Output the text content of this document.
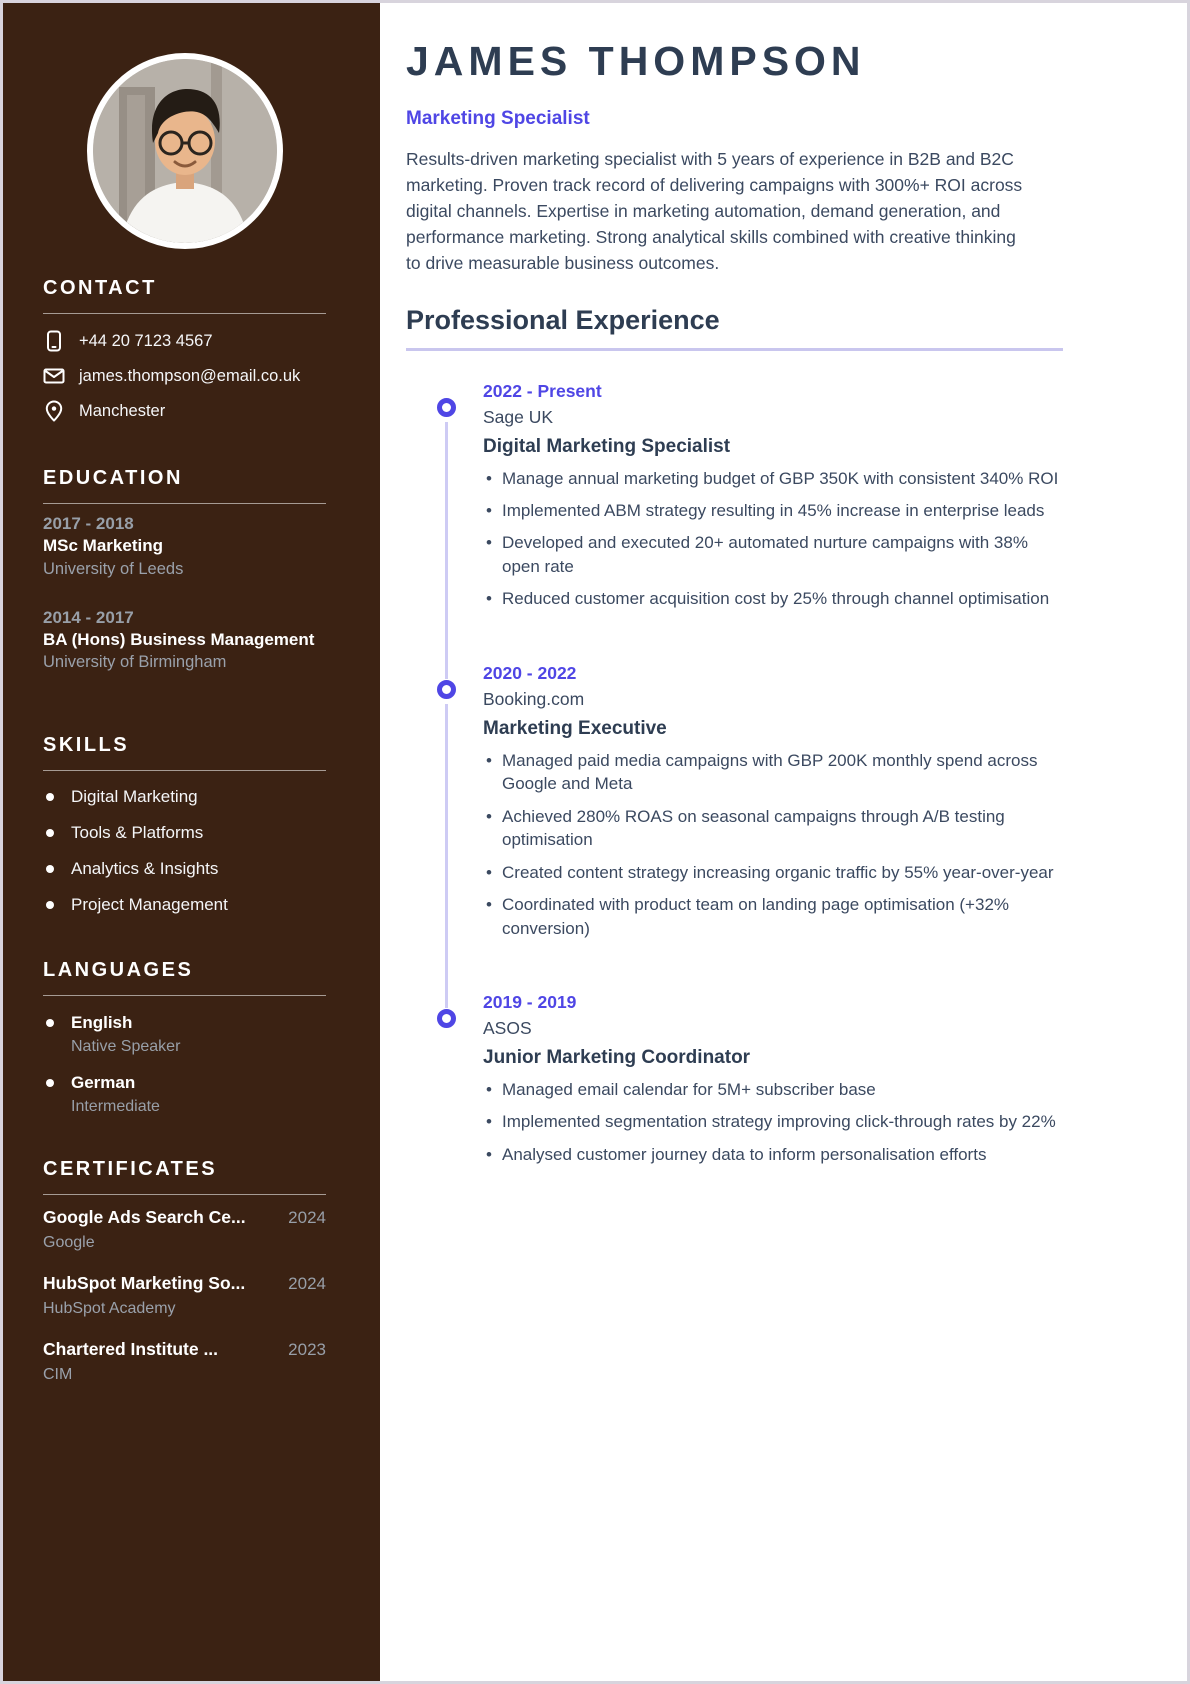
CONTACT
+44 20 7123 4567
james.thompson@email.co.uk
Manchester
EDUCATION
2017 - 2018
MSc Marketing
University of Leeds
2014 - 2017
BA (Hons) Business Management
University of Birmingham
SKILLS
Digital Marketing
Tools & Platforms
Analytics & Insights
Project Management
LANGUAGES
English
Native Speaker
German
Intermediate
CERTIFICATES
Google Ads Search Ce...	2024
Google
HubSpot Marketing So...	2024
HubSpot Academy
Chartered Institute ...	2023
CIM
JAMES THOMPSON
Marketing Specialist

Results-driven marketing specialist with 5 years of experience in B2B and B2C marketing. Proven track record of delivering campaigns with 300%+ ROI across digital channels. Expertise in marketing automation, demand generation, and performance marketing. Strong analytical skills combined with creative thinking to drive measurable business outcomes.

Professional Experience
2022 - Present
Sage UK
Digital Marketing Specialist
• Manage annual marketing budget of GBP 350K with consistent 340% ROI
• Implemented ABM strategy resulting in 45% increase in enterprise leads
• Developed and executed 20+ automated nurture campaigns with 38% open rate
• Reduced customer acquisition cost by 25% through channel optimisation
2020 - 2022
Booking.com
Marketing Executive
• Managed paid media campaigns with GBP 200K monthly spend across Google and Meta
• Achieved 280% ROAS on seasonal campaigns through A/B testing optimisation
• Created content strategy increasing organic traffic by 55% year-over-year
• Coordinated with product team on landing page optimisation (+32% conversion)
2019 - 2019
ASOS
Junior Marketing Coordinator
• Managed email calendar for 5M+ subscriber base
• Implemented segmentation strategy improving click-through rates by 22%
• Analysed customer journey data to inform personalisation efforts
